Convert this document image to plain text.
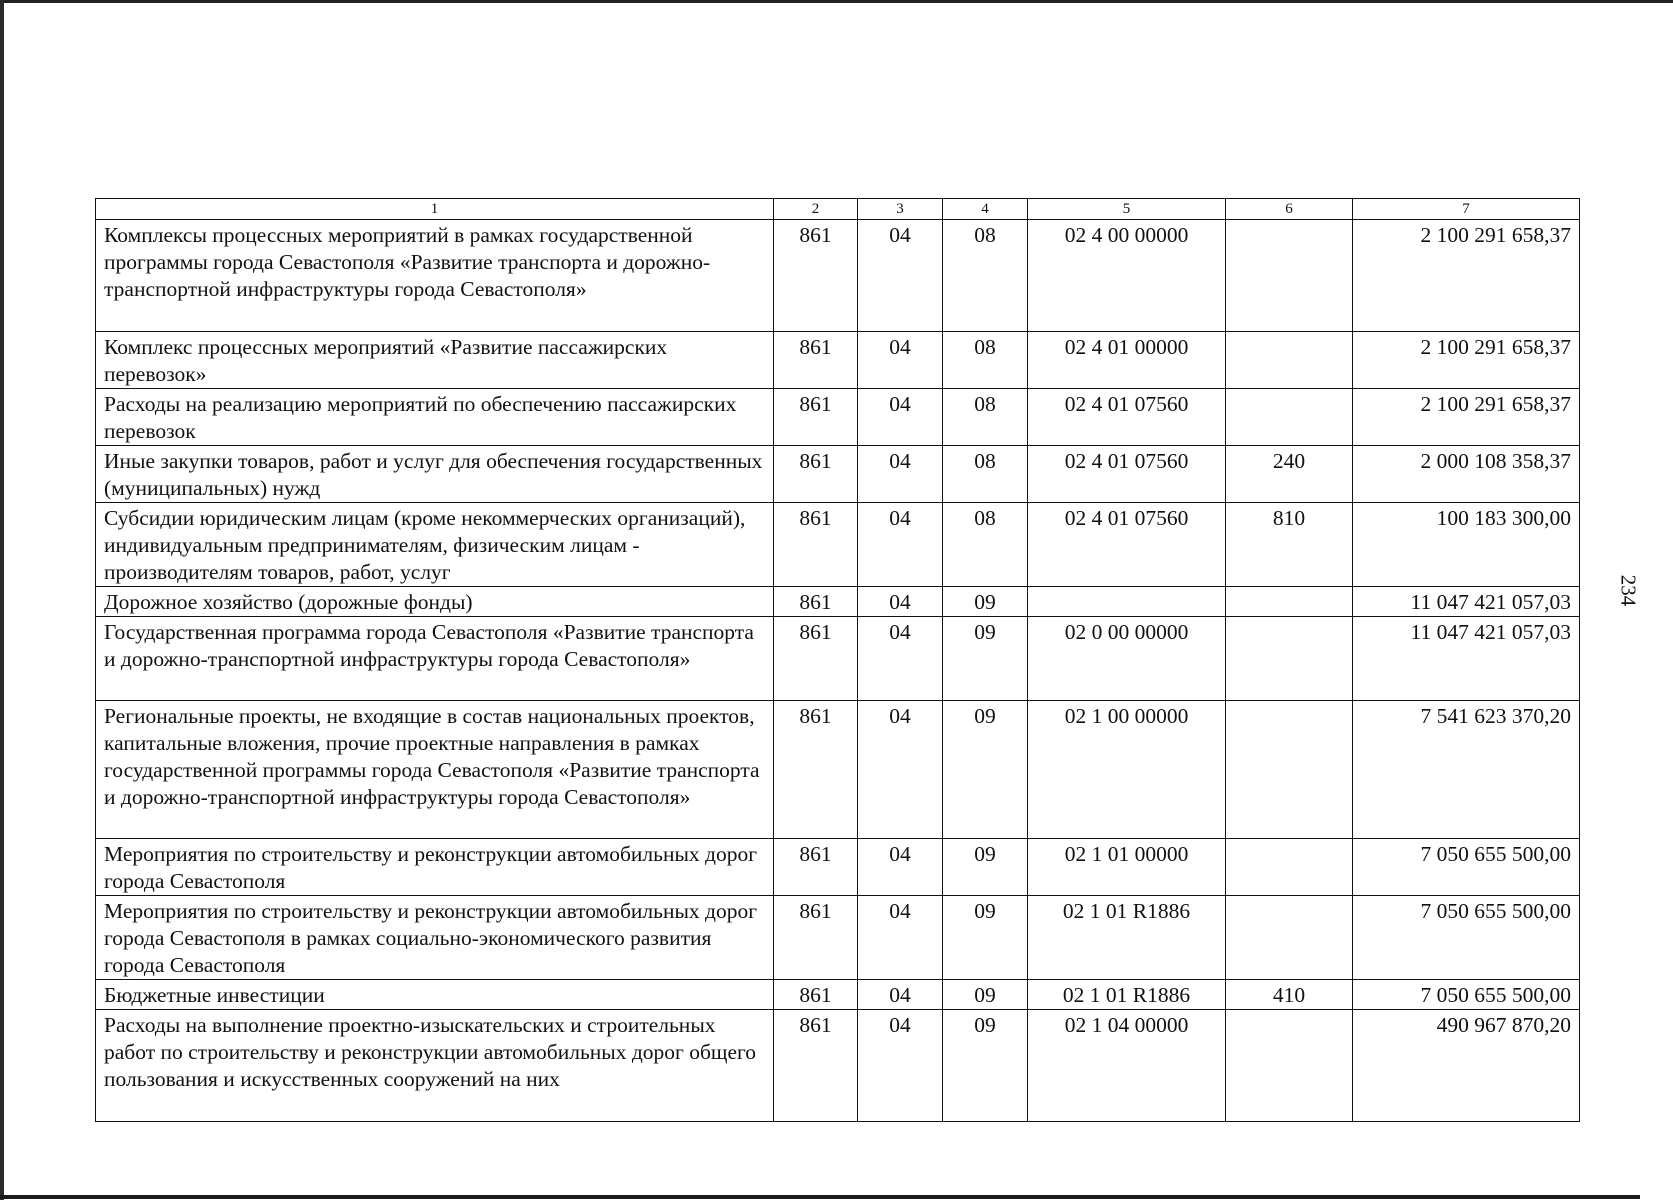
234
1	2	3	4	5	6	7
Комплексы процессных мероприятий в рамках государственной программы города Севастополя «Развитие транспорта и дорожно-транспортной инфраструктуры города Севастополя»	861	04	08	02 4 00 00000		2 100 291 658,37
Комплекс процессных мероприятий «Развитие пассажирских перевозок»	861	04	08	02 4 01 00000		2 100 291 658,37
Расходы на реализацию мероприятий по обеспечению пассажирских перевозок	861	04	08	02 4 01 07560		2 100 291 658,37
Иные закупки товаров, работ и услуг для обеспечения государственных (муниципальных) нужд	861	04	08	02 4 01 07560	240	2 000 108 358,37
Субсидии юридическим лицам (кроме некоммерческих организаций), индивидуальным предпринимателям, физическим лицам - производителям товаров, работ, услуг	861	04	08	02 4 01 07560	810	100 183 300,00
Дорожное хозяйство (дорожные фонды)	861	04	09			11 047 421 057,03
Государственная программа города Севастополя «Развитие транспорта и дорожно-транспортной инфраструктуры города Севастополя»	861	04	09	02 0 00 00000		11 047 421 057,03
Региональные проекты, не входящие в состав национальных проектов, капитальные вложения, прочие проектные направления в рамках государственной программы города Севастополя «Развитие транспорта и дорожно-транспортной инфраструктуры города Севастополя»	861	04	09	02 1 00 00000		7 541 623 370,20
Мероприятия по строительству и реконструкции автомобильных дорог города Севастополя	861	04	09	02 1 01 00000		7 050 655 500,00
Мероприятия по строительству и реконструкции автомобильных дорог города Севастополя в рамках социально-экономического развития города Севастополя	861	04	09	02 1 01 R1886		7 050 655 500,00
Бюджетные инвестиции	861	04	09	02 1 01 R1886	410	7 050 655 500,00
Расходы на выполнение проектно-изыскательских и строительных работ по строительству и реконструкции автомобильных дорог общего пользования и искусственных сооружений на них	861	04	09	02 1 04 00000		490 967 870,20
